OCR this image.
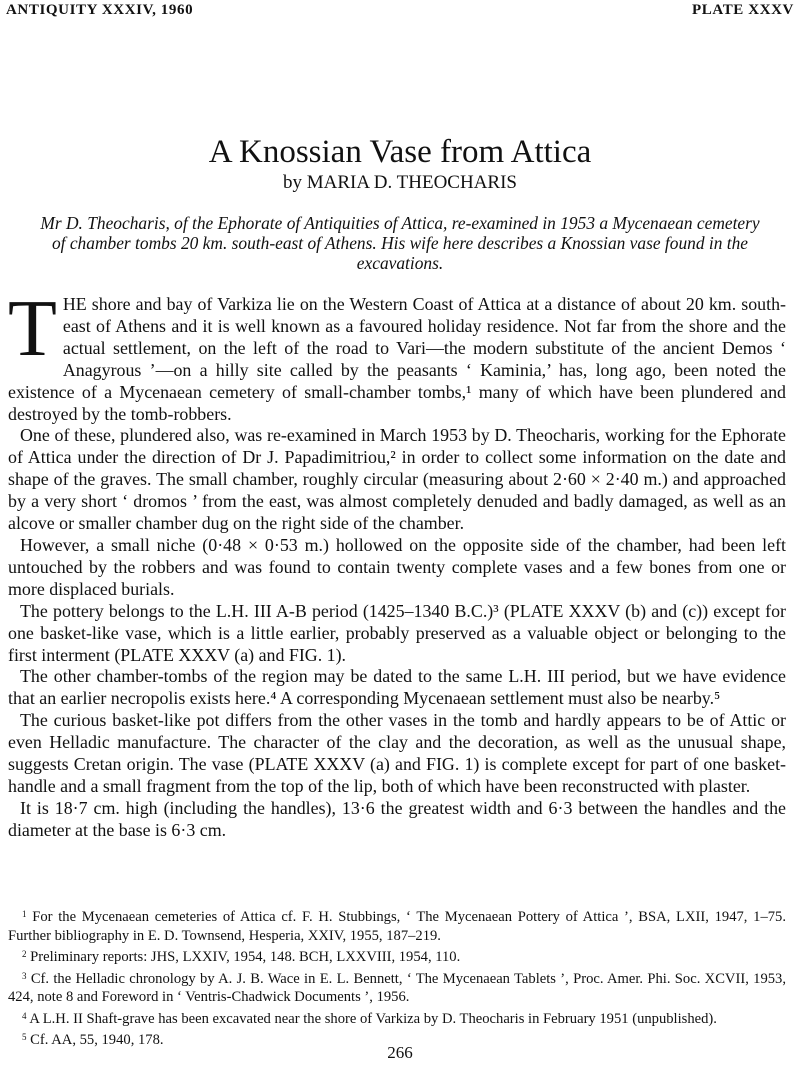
ANTIQUITY XXXIV, 1960	PLATE XXXV
A Knossian Vase from Attica
by MARIA D. THEOCHARIS
Mr D. Theocharis, of the Ephorate of Antiquities of Attica, re-examined in 1953 a Mycenaean cemetery of chamber tombs 20 km. south-east of Athens. His wife here describes a Knossian vase found in the excavations.

THE shore and bay of Varkiza lie on the Western Coast of Attica at a distance of about 20 km. south-east of Athens and it is well known as a favoured holiday residence. Not far from the shore and the actual settlement, on the left of the road to Vari—the modern substitute of the ancient Demos ‘ Anagyrous ’—on a hilly site called by the peasants ‘ Kaminia,’ has, long ago, been noted the existence of a Mycenaean cemetery of small-chamber tombs,¹ many of which have been plundered and destroyed by the tomb-robbers.

One of these, plundered also, was re-examined in March 1953 by D. Theocharis, working for the Ephorate of Attica under the direction of Dr J. Papadimitriou,² in order to collect some information on the date and shape of the graves. The small chamber, roughly circular (measuring about 2·60 × 2·40 m.) and approached by a very short ‘ dromos ’ from the east, was almost completely denuded and badly damaged, as well as an alcove or smaller chamber dug on the right side of the chamber.

However, a small niche (0·48 × 0·53 m.) hollowed on the opposite side of the chamber, had been left untouched by the robbers and was found to contain twenty complete vases and a few bones from one or more displaced burials.

The pottery belongs to the L.H. III A-B period (1425–1340 B.C.)³ (PLATE XXXV (b) and (c)) except for one basket-like vase, which is a little earlier, probably preserved as a valuable object or belonging to the first interment (PLATE XXXV (a) and FIG. 1).

The other chamber-tombs of the region may be dated to the same L.H. III period, but we have evidence that an earlier necropolis exists here.⁴ A corresponding Mycenaean settlement must also be nearby.⁵

The curious basket-like pot differs from the other vases in the tomb and hardly appears to be of Attic or even Helladic manufacture. The character of the clay and the decoration, as well as the unusual shape, suggests Cretan origin. The vase (PLATE XXXV (a) and FIG. 1) is complete except for part of one basket-handle and a small fragment from the top of the lip, both of which have been reconstructed with plaster.

It is 18·7 cm. high (including the handles), 13·6 the greatest width and 6·3 between the handles and the diameter at the base is 6·3 cm.

$^1$ For the Mycenaean cemeteries of Attica cf. F. H. Stubbings, ‘ The Mycenaean Pottery of Attica ’, BSA, LXII, 1947, 1–75. Further bibliography in E. D. Townsend, Hesperia, XXIV, 1955, 187–219.

$^2$ Preliminary reports: JHS, LXXIV, 1954, 148. BCH, LXXVIII, 1954, 110.

$^3$ Cf. the Helladic chronology by A. J. B. Wace in E. L. Bennett, ‘ The Mycenaean Tablets ’, Proc. Amer. Phi. Soc. XCVII, 1953, 424, note 8 and Foreword in ‘ Ventris-Chadwick Documents ’, 1956.

$^4$ A L.H. II Shaft-grave has been excavated near the shore of Varkiza by D. Theocharis in February 1951 (unpublished).

$^5$ Cf. AA, 55, 1940, 178.

266
